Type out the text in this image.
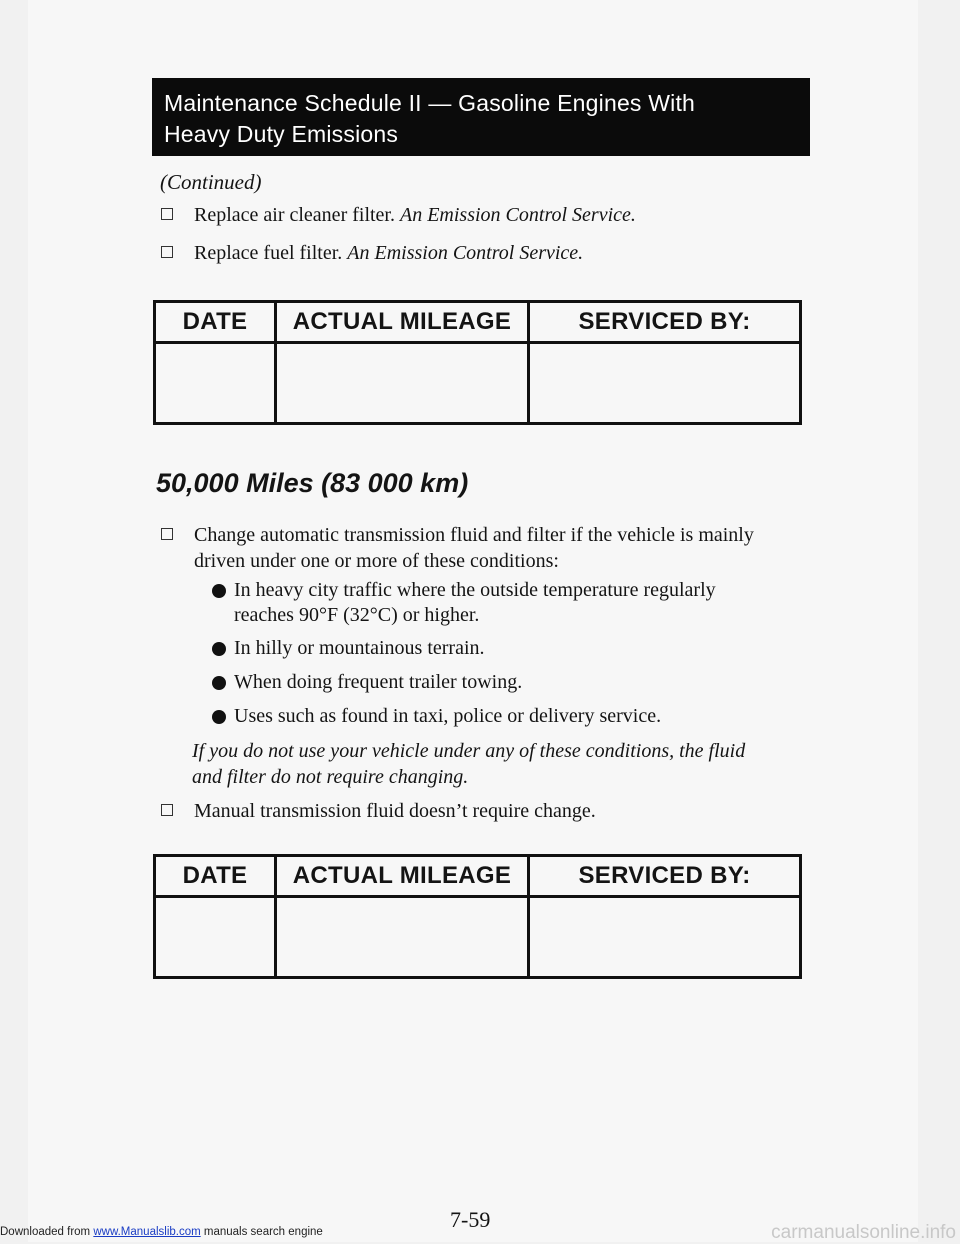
Maintenance Schedule II — Gasoline Engines With
Heavy Duty Emissions
(Continued)
Replace air cleaner filter. An Emission Control Service.
Replace fuel filter. An Emission Control Service.
DATE	ACTUAL MILEAGE	SERVICED BY:

50,000 Miles (83 000 km)
Change automatic transmission fluid and filter if the vehicle is mainly
driven under one or more of these conditions:
In heavy city traffic where the outside temperature regularly
reaches 90°F (32°C) or higher.
In hilly or mountainous terrain.
When doing frequent trailer towing.
Uses such as found in taxi, police or delivery service.
If you do not use your vehicle under any of these conditions, the fluid
and filter do not require changing.
Manual transmission fluid doesn’t require change.
DATE	ACTUAL MILEAGE	SERVICED BY:

7-59
Downloaded from www.Manualslib.com manuals search engine	carmanualsonline.info
